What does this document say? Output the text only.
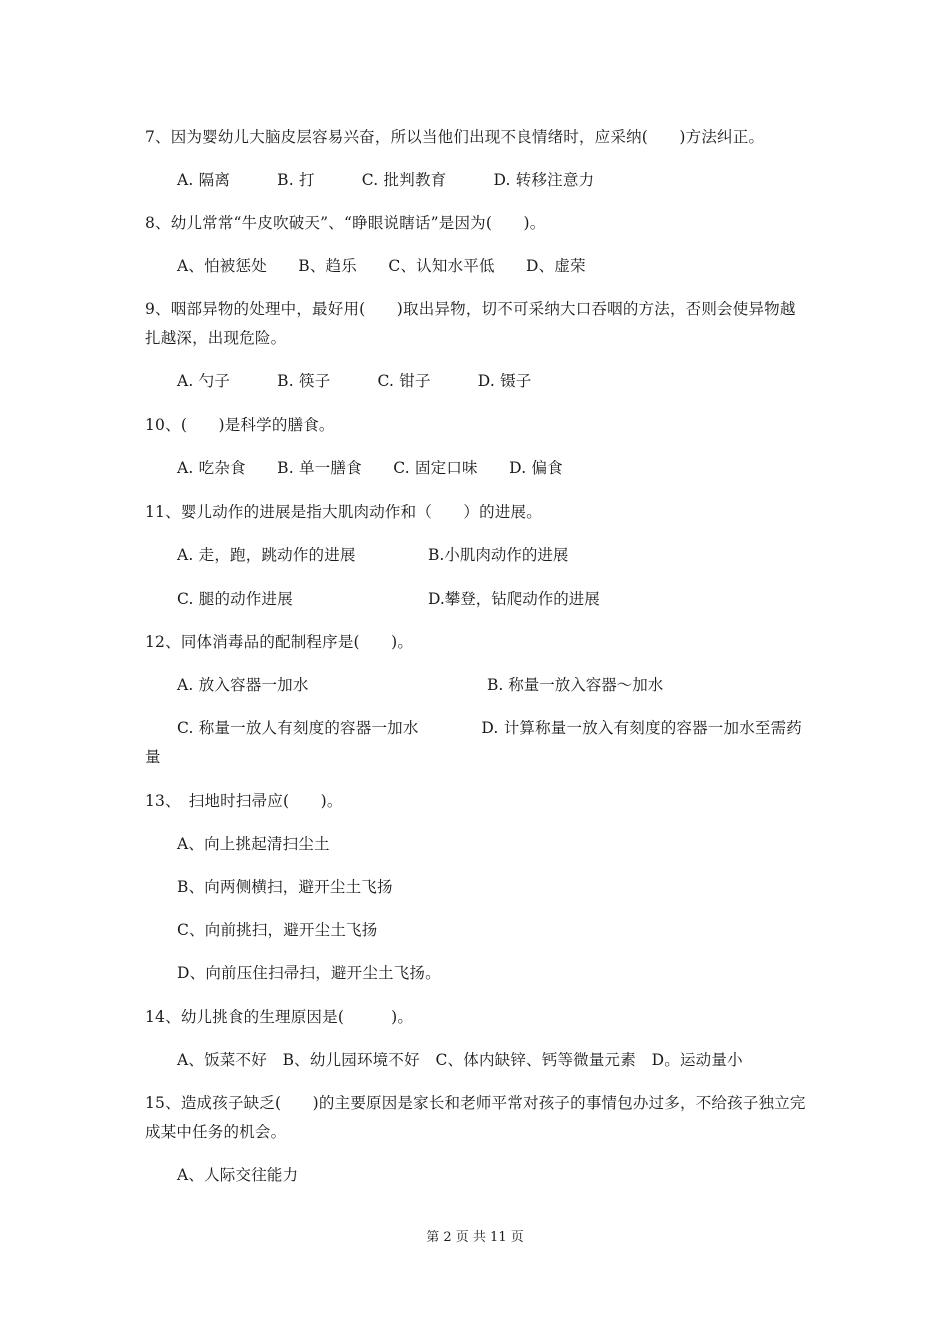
7、因为婴幼儿大脑皮层容易兴奋，所以当他们出现不良情绪时，应采纳(　　)方法纠正。
A. 隔离　　　B. 打　　　C. 批判教育　　　D. 转移注意力
8、幼儿常常“牛皮吹破天”、“睁眼说瞎话”是因为(　　)。
A、怕被惩处　　B、趋乐　　C、认知水平低　　D、虚荣
9、咽部异物的处理中，最好用(　　)取出异物，切不可采纳大口吞咽的方法，否则会使异物越扎越深，出现危险。
A. 勺子　　　B. 筷子　　　C. 钳子　　　D. 镊子
10、(　　)是科学的膳食。
A. 吃杂食　　B. 单一膳食　　C. 固定口味　　D. 偏食
11、婴儿动作的进展是指大肌肉动作和（　　）的进展。
A. 走，跑，跳动作的进展	B.小肌肉动作的进展
C. 腿的动作进展	D.攀登，钻爬动作的进展
12、同体消毒品的配制程序是(　　)。
A. 放入容器一加水	B. 称量一放入容器～加水
C. 称量一放人有刻度的容器一加水　　　　D. 计算称量一放入有刻度的容器一加水至需药量
13、　扫地时扫帚应(　　)。
A、向上挑起清扫尘土
B、向两侧横扫，避开尘土飞扬
C、向前挑扫，避开尘土飞扬
D、向前压住扫帚扫，避开尘土飞扬。
14、幼儿挑食的生理原因是(　　　)。
A、饭菜不好　B、幼儿园环境不好　C、体内缺锌、钙等微量元素　D。运动量小
15、造成孩子缺乏(　　)的主要原因是家长和老师平常对孩子的事情包办过多，不给孩子独立完成某中任务的机会。
A、人际交往能力
第 2 页 共 11 页
